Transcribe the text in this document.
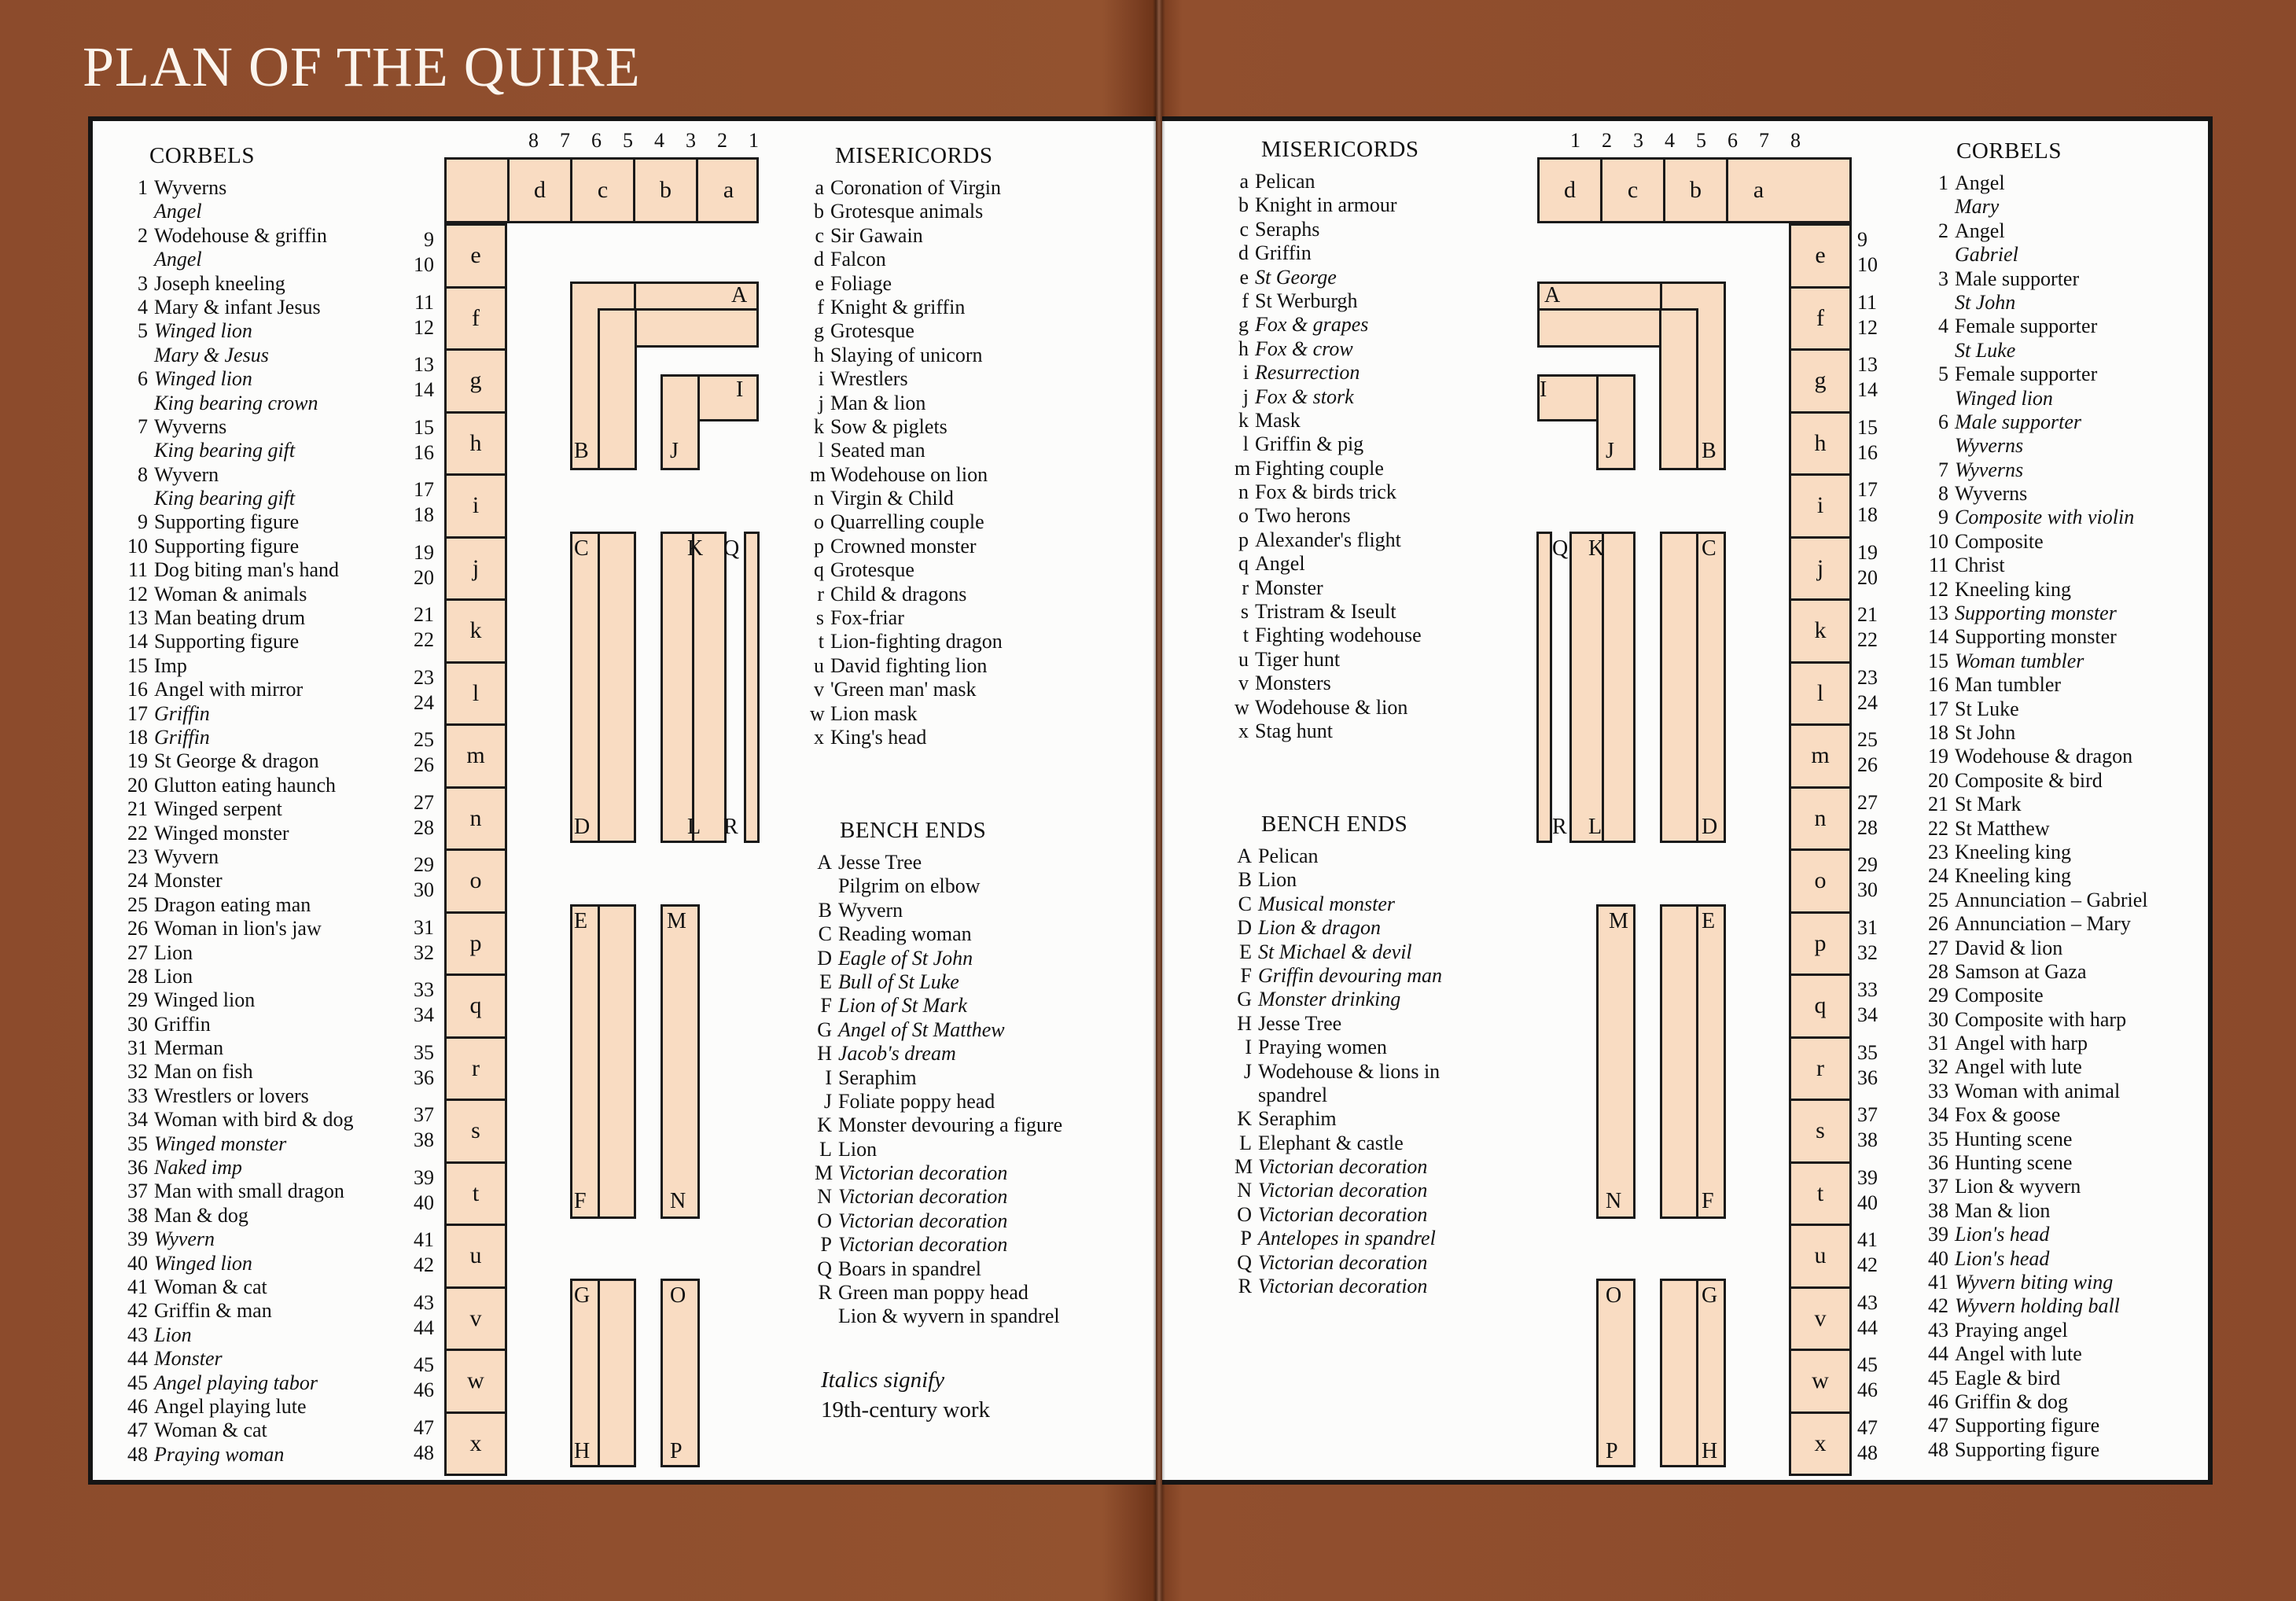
PLAN OF THE QUIRE
CORBELS
1 Wyverns
Angel
2 Wodehouse & griffin
Angel
3 Joseph kneeling
4 Mary & infant Jesus
5 Winged lion
Mary & Jesus
6 Winged lion
King bearing crown
7 Wyverns
King bearing gift
8 Wyvern
King bearing gift
9 Supporting figure
10 Supporting figure
11 Dog biting man's hand
12 Woman & animals
13 Man beating drum
14 Supporting figure
15 Imp
16 Angel with mirror
17 Griffin
18 Griffin
19 St George & dragon
20 Glutton eating haunch
21 Winged serpent
22 Winged monster
23 Wyvern
24 Monster
25 Dragon eating man
26 Woman in lion's jaw
27 Lion
28 Lion
29 Winged lion
30 Griffin
31 Merman
32 Man on fish
33 Wrestlers or lovers
34 Woman with bird & dog
35 Winged monster
36 Naked imp
37 Man with small dragon
38 Man & dog
39 Wyvern
40 Winged lion
41 Woman & cat
42 Griffin & man
43 Lion
44 Monster
45 Angel playing tabor
46 Angel playing lute
47 Woman & cat
48 Praying woman
d	c	b	a
8	7	6	5	4	3	2	1
e
f
g
h
i
j
k
l
m
n
o
p
q
r
s
t
u
v
w
x
9
10
11
12
13
14
15
16
17
18
19
20
21
22
23
24
25
26
27
28
29
30
31
32
33
34
35
36
37
38
39
40
41
42
43
44
45
46
47
48
A
B
I
J
C
D
K
L
Q
R
E
F
M
N
G
H
O
P
MISERICORDS
a Coronation of Virgin
b Grotesque animals
c Sir Gawain
d Falcon
e Foliage
f Knight & griffin
g Grotesque
h Slaying of unicorn
i Wrestlers
j Man & lion
k Sow & piglets
l Seated man
m Wodehouse on lion
n Virgin & Child
o Quarrelling couple
p Crowned monster
q Grotesque
r Child & dragons
s Fox-friar
t Lion-fighting dragon
u David fighting lion
v 'Green man' mask
w Lion mask
x King's head
BENCH ENDS
A Jesse Tree
Pilgrim on elbow
B Wyvern
C Reading woman
D Eagle of St John
E Bull of St Luke
F Lion of St Mark
G Angel of St Matthew
H Jacob's dream
I Seraphim
J Foliate poppy head
K Monster devouring a figure
L Lion
M Victorian decoration
N Victorian decoration
O Victorian decoration
P Victorian decoration
Q Boars in spandrel
R Green man poppy head
Lion & wyvern in spandrel
Italics signify
19th-century work
MISERICORDS
a Pelican
b Knight in armour
c Seraphs
d Griffin
e St George
f St Werburgh
g Fox & grapes
h Fox & crow
i Resurrection
j Fox & stork
k Mask
l Griffin & pig
m Fighting couple
n Fox & birds trick
o Two herons
p Alexander's flight
q Angel
r Monster
s Tristram & Iseult
t Fighting wodehouse
u Tiger hunt
v Monsters
w Wodehouse & lion
x Stag hunt
BENCH ENDS
A Pelican
B Lion
C Musical monster
D Lion & dragon
E St Michael & devil
F Griffin devouring man
G Monster drinking
H Jesse Tree
I Praying women
J Wodehouse & lions in
spandrel
K Seraphim
L Elephant & castle
M Victorian decoration
N Victorian decoration
O Victorian decoration
P Antelopes in spandrel
Q Victorian decoration
R Victorian decoration
a
b
c
d
1	2	3	4	5	6	7	8
e
f
g
h
i
j
k
l
m
n
o
p
q
r
s
t
u
v
w
x
9
10
11
12
13
14
15
16
17
18
19
20
21
22
23
24
25
26
27
28
29
30
31
32
33
34
35
36
37
38
39
40
41
42
43
44
45
46
47
48
A
B
I
J
C
D
K
L
Q
R
E
F
M
N
G
H
O
P
CORBELS
1 Angel
Mary
2 Angel
Gabriel
3 Male supporter
St John
4 Female supporter
St Luke
5 Female supporter
Winged lion
6 Male supporter
Wyverns
7 Wyverns
8 Wyverns
9 Composite with violin
10 Composite
11 Christ
12 Kneeling king
13 Supporting monster
14 Supporting monster
15 Woman tumbler
16 Man tumbler
17 St Luke
18 St John
19 Wodehouse & dragon
20 Composite & bird
21 St Mark
22 St Matthew
23 Kneeling king
24 Kneeling king
25 Annunciation – Gabriel
26 Annunciation – Mary
27 David & lion
28 Samson at Gaza
29 Composite
30 Composite with harp
31 Angel with harp
32 Angel with lute
33 Woman with animal
34 Fox & goose
35 Hunting scene
36 Hunting scene
37 Lion & wyvern
38 Man & lion
39 Lion's head
40 Lion's head
41 Wyvern biting wing
42 Wyvern holding ball
43 Praying angel
44 Angel with lute
45 Eagle & bird
46 Griffin & dog
47 Supporting figure
48 Supporting figure
